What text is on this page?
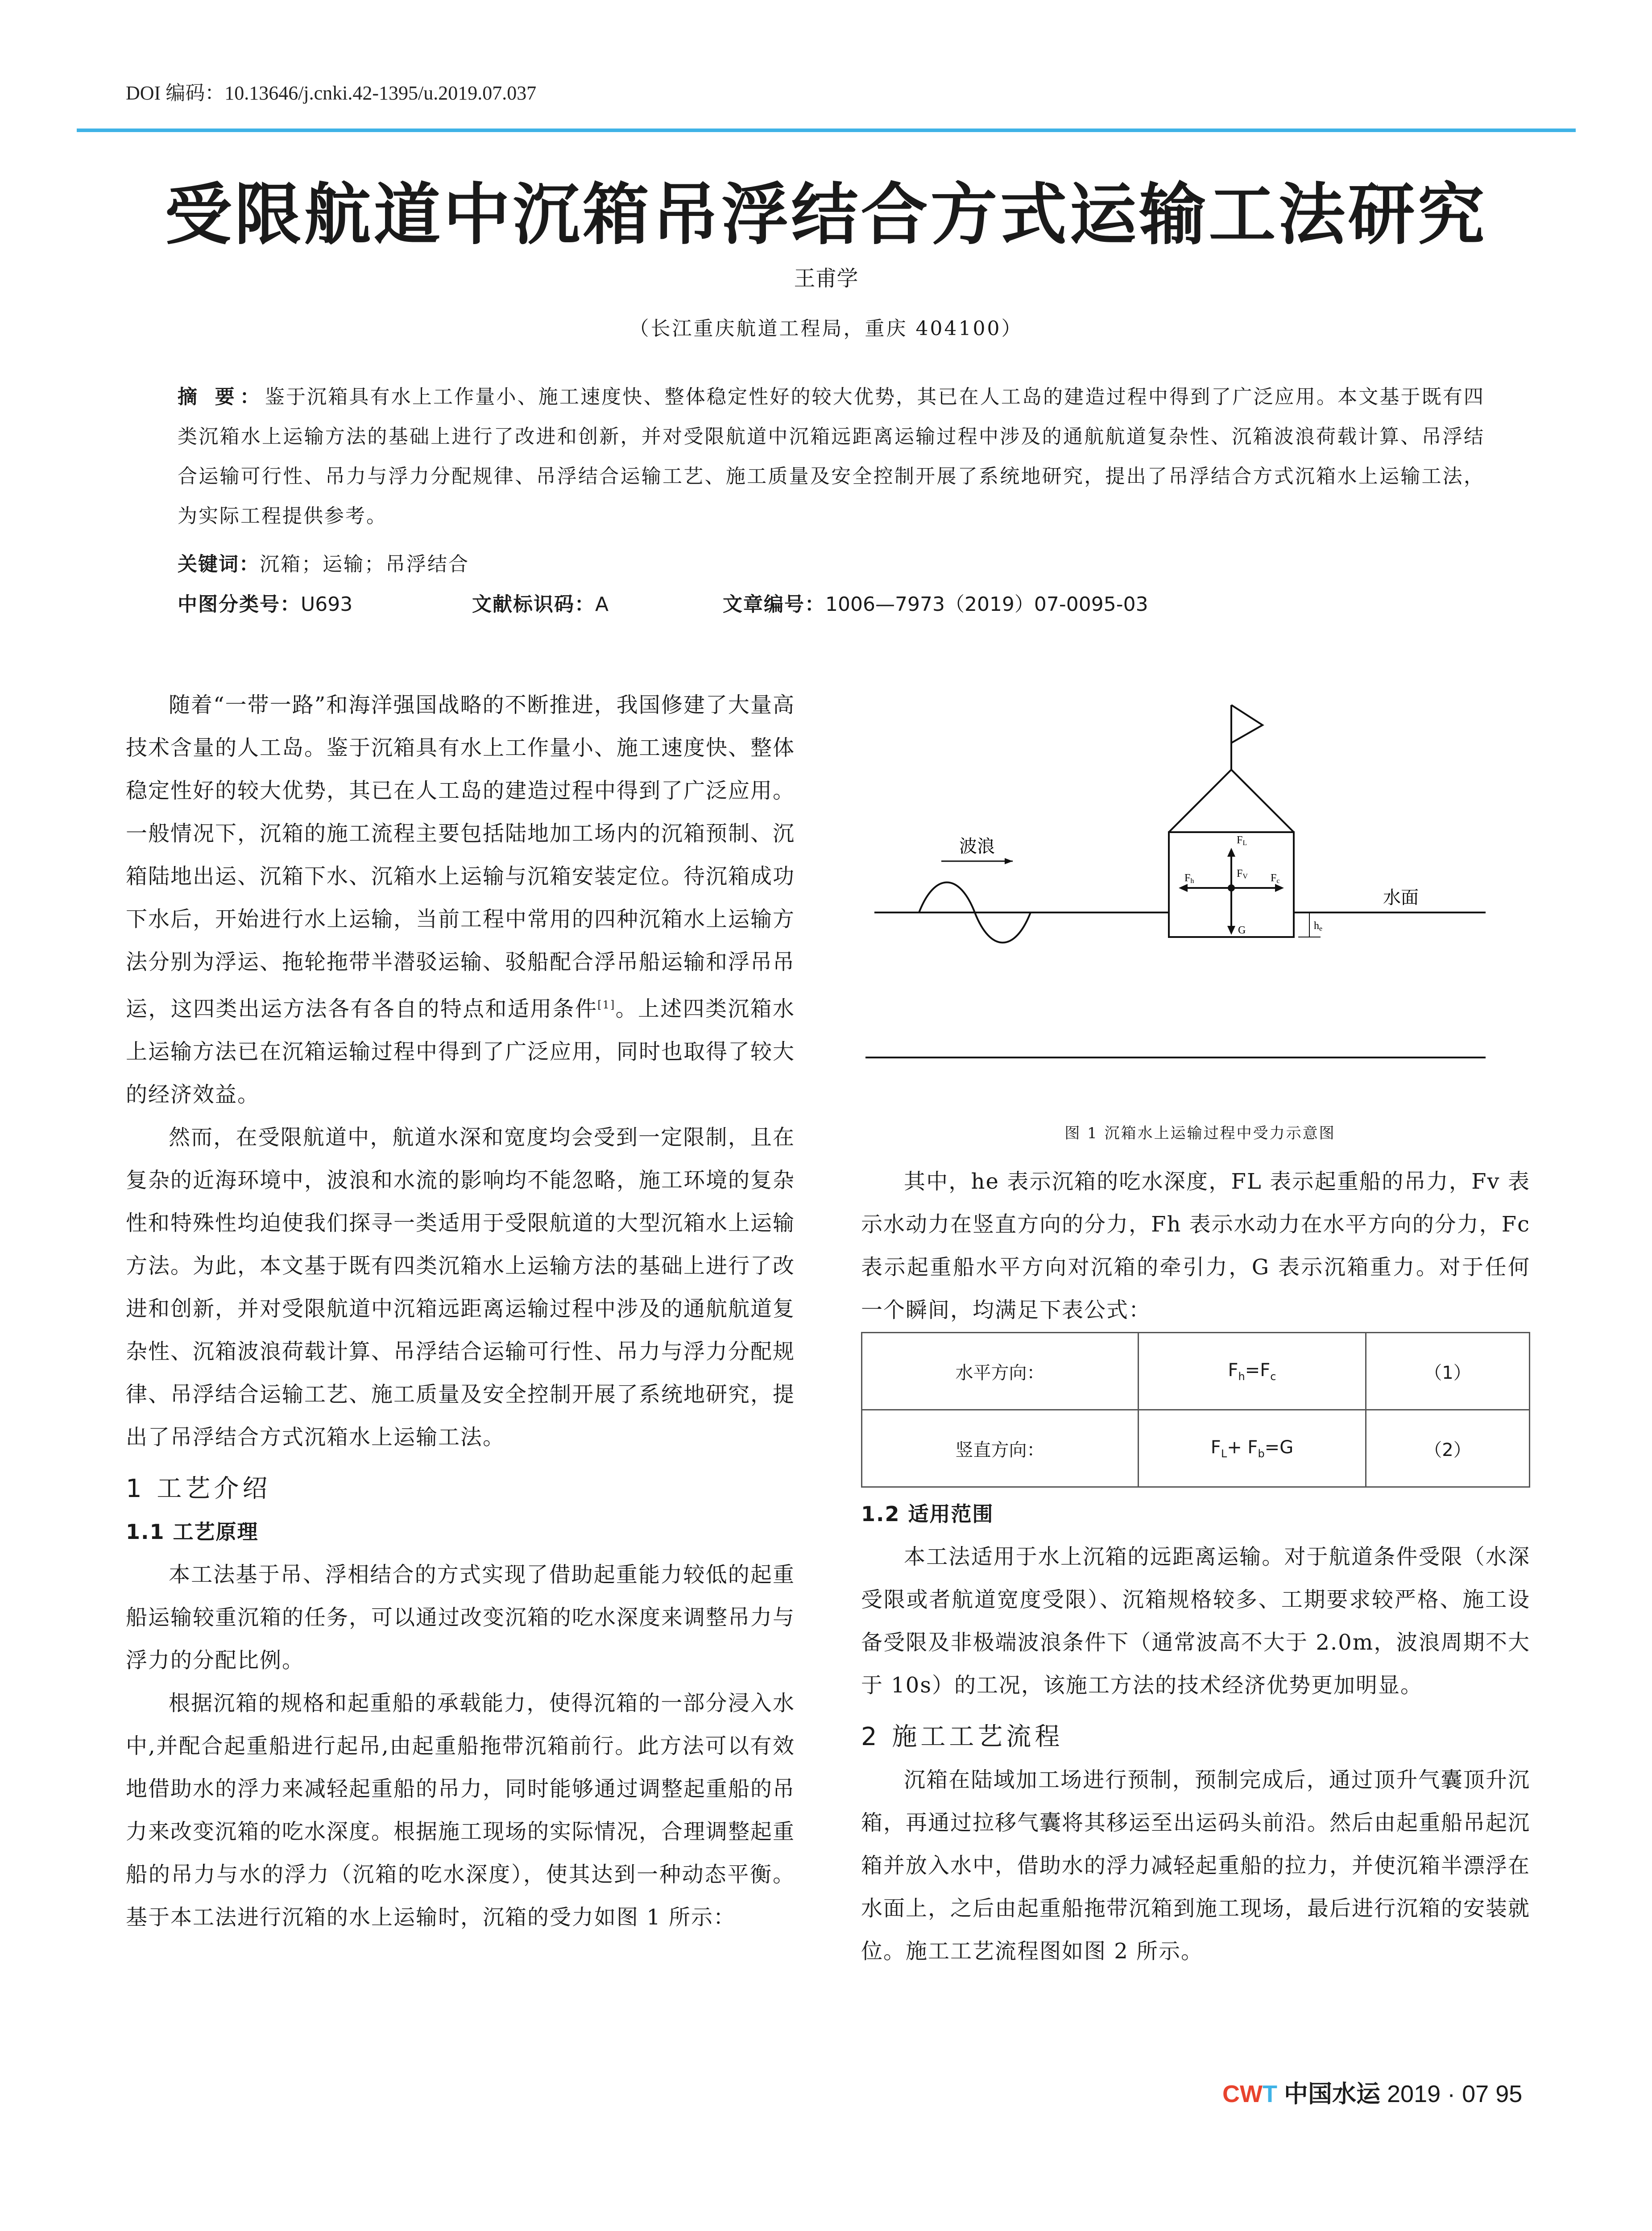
DOI 编码：10.13646/j.cnki.42-1395/u.2019.07.037
受限航道中沉箱吊浮结合方式运输工法研究
王甫学
（长江重庆航道工程局，重庆 404100）
摘 要：鉴于沉箱具有水上工作量小、施工速度快、整体稳定性好的较大优势，其已在人工岛的建造过程中得到了广泛应用。本文基于既有四类沉箱水上运输方法的基础上进行了改进和创新，并对受限航道中沉箱远距离运输过程中涉及的通航航道复杂性、沉箱波浪荷载计算、吊浮结合运输可行性、吊力与浮力分配规律、吊浮结合运输工艺、施工质量及安全控制开展了系统地研究，提出了吊浮结合方式沉箱水上运输工法，为实际工程提供参考。
关键词：沉箱；运输；吊浮结合
中图分类号：U693	文献标识码：A	文章编号：1006—7973（2019）07-0095-03

随着“一带一路”和海洋强国战略的不断推进，我国修建了大量高技术含量的人工岛。鉴于沉箱具有水上工作量小、施工速度快、整体稳定性好的较大优势，其已在人工岛的建造过程中得到了广泛应用。一般情况下，沉箱的施工流程主要包括陆地加工场内的沉箱预制、沉箱陆地出运、沉箱下水、沉箱水上运输与沉箱安装定位。待沉箱成功下水后，开始进行水上运输，当前工程中常用的四种沉箱水上运输方法分别为浮运、拖轮拖带半潜驳运输、驳船配合浮吊船运输和浮吊吊运，这四类出运方法各有各自的特点和适用条件[1]。上述四类沉箱水上运输方法已在沉箱运输过程中得到了广泛应用，同时也取得了较大的经济效益。

然而，在受限航道中，航道水深和宽度均会受到一定限制，且在复杂的近海环境中，波浪和水流的影响均不能忽略，施工环境的复杂性和特殊性均迫使我们探寻一类适用于受限航道的大型沉箱水上运输方法。为此，本文基于既有四类沉箱水上运输方法的基础上进行了改进和创新，并对受限航道中沉箱远距离运输过程中涉及的通航航道复杂性、沉箱波浪荷载计算、吊浮结合运输可行性、吊力与浮力分配规律、吊浮结合运输工艺、施工质量及安全控制开展了系统地研究，提出了吊浮结合方式沉箱水上运输工法。

1 工艺介绍
1.1 工艺原理

本工法基于吊、浮相结合的方式实现了借助起重能力较低的起重船运输较重沉箱的任务，可以通过改变沉箱的吃水深度来调整吊力与浮力的分配比例。

根据沉箱的规格和起重船的承载能力，使得沉箱的一部分浸入水中,并配合起重船进行起吊,由起重船拖带沉箱前行。此方法可以有效地借助水的浮力来减轻起重船的吊力，同时能够通过调整起重船的吊力来改变沉箱的吃水深度。根据施工现场的实际情况，合理调整起重船的吊力与水的浮力（沉箱的吃水深度），使其达到一种动态平衡。基于本工法进行沉箱的水上运输时，沉箱的受力如图 1 所示：

波浪
水面
FL
FV
Fh	Fc
G	he
图 1 沉箱水上运输过程中受力示意图

其中，he 表示沉箱的吃水深度，FL 表示起重船的吊力，Fv 表示水动力在竖直方向的分力，Fh 表示水动力在水平方向的分力，Fc 表示起重船水平方向对沉箱的牵引力，G 表示沉箱重力。对于任何一个瞬间，均满足下表公式：

水平方向：	$F_h=F_c$	（1）
竖直方向：	$F_L+ F_b=G$	（2）
1.2 适用范围

本工法适用于水上沉箱的远距离运输。对于航道条件受限（水深受限或者航道宽度受限）、沉箱规格较多、工期要求较严格、施工设备受限及非极端波浪条件下（通常波高不大于 2.0m，波浪周期不大于 10s）的工况，该施工方法的技术经济优势更加明显。

2 施工工艺流程

沉箱在陆域加工场进行预制，预制完成后，通过顶升气囊顶升沉箱，再通过拉移气囊将其移运至出运码头前沿。然后由起重船吊起沉箱并放入水中，借助水的浮力减轻起重船的拉力，并使沉箱半漂浮在水面上，之后由起重船拖带沉箱到施工现场，最后进行沉箱的安装就位。施工工艺流程图如图 2 所示。

CWT 中国水运 2019 · 07 95
